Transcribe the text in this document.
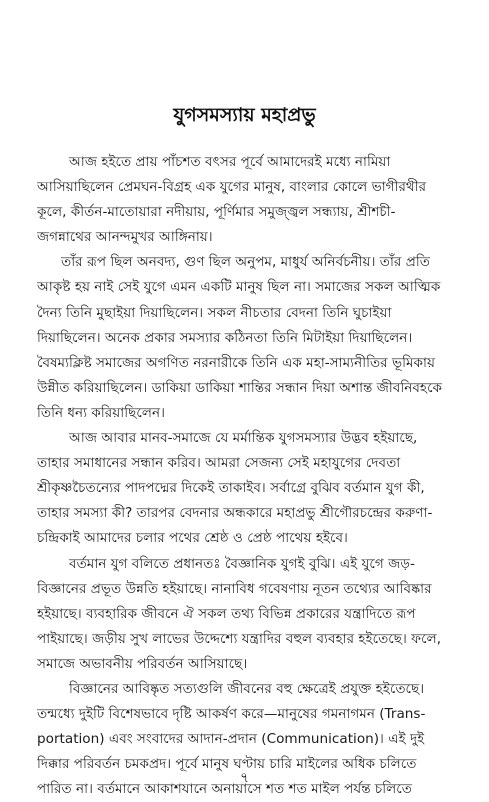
যুগসমস্যায় মহাপ্রভু
আজ হইতে প্রায় পাঁচশত বৎসর পূর্বে আমাদেরই মধ্যে নামিয়া
আসিয়াছিলেন প্রেমঘন-বিগ্রহ এক যুগের মানুষ, বাংলার কোলে ভাগীরথীর
কূলে, কীর্তন-মাতোয়ারা নদীয়ায়, পূর্ণিমার সমুজ্জ্বল সন্ধ্যায়, শ্রীশচী-
জগন্নাথের আনন্দমুখর আঙ্গিনায়।
তাঁর রূপ ছিল অনবদ্য, গুণ ছিল অনুপম, মাধুর্য অনির্বচনীয়। তাঁর প্রতি
আকৃষ্ট হয় নাই সেই যুগে এমন একটি মানুষ ছিল না। সমাজের সকল আত্মিক
দৈন্য তিনি মুছাইয়া দিয়াছিলেন। সকল নীচতার বেদনা তিনি ঘুচাইয়া
দিয়াছিলেন। অনেক প্রকার সমস্যার কঠিনতা তিনি মিটাইয়া দিয়াছিলেন।
বৈষম্যক্লিষ্ট সমাজের অগণিত নরনারীকে তিনি এক মহা-সাম্যনীতির ভূমিকায়
উন্নীত করিয়াছিলেন। ডাকিয়া ডাকিয়া শান্তির সন্ধান দিয়া অশান্ত জীবনিবহকে
তিনি ধন্য করিয়াছিলেন।
আজ আবার মানব-সমাজে যে মর্মান্তিক যুগসমস্যার উদ্ভব হইয়াছে,
তাহার সমাধানের সন্ধান করিব। আমরা সেজন্য সেই মহাযুগের দেবতা
শ্রীকৃষ্ণচৈতন্যের পাদপদ্মের দিকেই তাকাইব। সর্বাগ্রে বুঝিব বর্তমান যুগ কী,
তাহার সমস্যা কী? তারপর বেদনার অন্ধকারে মহাপ্রভু শ্রীগৌরচন্দ্রের করুণা-
চন্দ্রিকাই আমাদের চলার পথের শ্রেষ্ঠ ও প্রেষ্ঠ পাথেয় হইবে।
বর্তমান যুগ বলিতে প্রধানতঃ বৈজ্ঞানিক যুগই বুঝি। এই যুগে জড়-
বিজ্ঞানের প্রভূত উন্নতি হইয়াছে। নানাবিধ গবেষণায় নূতন তথ্যের আবিষ্কার
হইয়াছে। ব্যবহারিক জীবনে ঐ সকল তথ্য বিভিন্ন প্রকারের যন্ত্রাদিতে রূপ
পাইয়াছে। জড়ীয় সুখ লাভের উদ্দেশ্যে যন্ত্রাদির বহুল ব্যবহার হইতেছে। ফলে,
সমাজে অভাবনীয় পরিবর্তন আসিয়াছে।
বিজ্ঞানের আবিষ্কৃত সত্যগুলি জীবনের বহু ক্ষেত্রেই প্রযুক্ত হইতেছে।
তন্মধ্যে দুইটি বিশেষভাবে দৃষ্টি আকর্ষণ করে—মানুষের গমনাগমন (Trans-
portation) এবং সংবাদের আদান-প্রদান (Communication)। এই দুই
দিক্কার পরিবর্তন চমকপ্রদ। পূর্বে মানুষ ঘণ্টায় চারি মাইলের অধিক চলিতে
পারিত না। বর্তমানে আকাশযানে অনায়াসে শত শত মাইল পর্যন্ত চলিতে
৭
